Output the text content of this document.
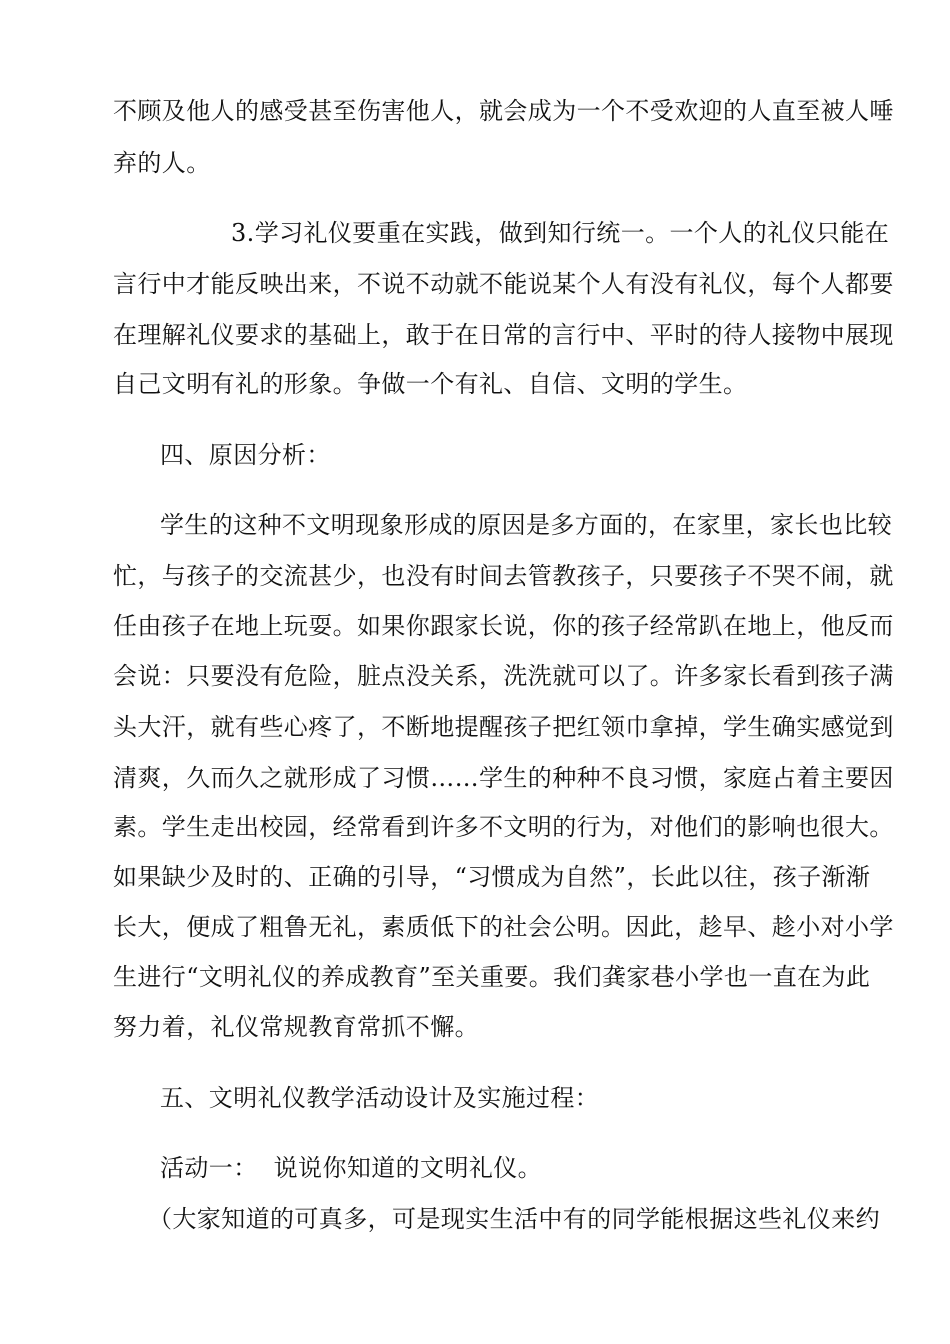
不顾及他人的感受甚至伤害他人，就会成为一个不受欢迎的人直至被人唾
弃的人。
3.学习礼仪要重在实践，做到知行统一。一个人的礼仪只能在
言行中才能反映出来，不说不动就不能说某个人有没有礼仪，每个人都要
在理解礼仪要求的基础上，敢于在日常的言行中、平时的待人接物中展现
自己文明有礼的形象。争做一个有礼、自信、文明的学生。
四、原因分析：
学生的这种不文明现象形成的原因是多方面的，在家里，家长也比较
忙，与孩子的交流甚少，也没有时间去管教孩子，只要孩子不哭不闹，就
任由孩子在地上玩耍。如果你跟家长说，你的孩子经常趴在地上，他反而
会说：只要没有危险，脏点没关系，洗洗就可以了。许多家长看到孩子满
头大汗，就有些心疼了，不断地提醒孩子把红领巾拿掉，学生确实感觉到
清爽，久而久之就形成了习惯……学生的种种不良习惯，家庭占着主要因
素。学生走出校园，经常看到许多不文明的行为，对他们的影响也很大。
如果缺少及时的、正确的引导，“习惯成为自然”，长此以往，孩子渐渐
长大，便成了粗鲁无礼，素质低下的社会公明。因此，趁早、趁小对小学
生进行“文明礼仪的养成教育”至关重要。我们龚家巷小学也一直在为此
努力着，礼仪常规教育常抓不懈。
五、文明礼仪教学活动设计及实施过程：
活动一：  说说你知道的文明礼仪。
（大家知道的可真多，可是现实生活中有的同学能根据这些礼仪来约
